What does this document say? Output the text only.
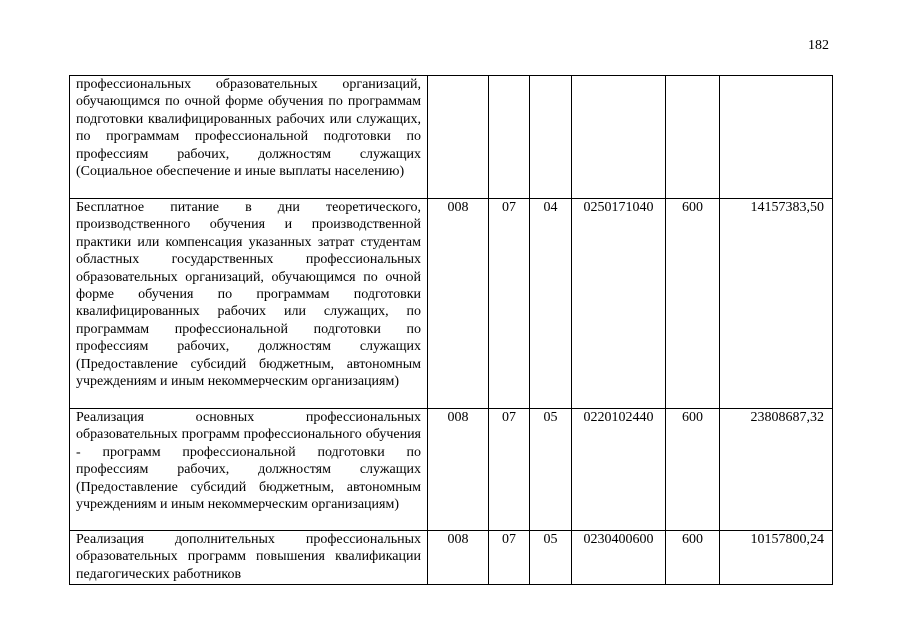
182
профессиональных образовательных организаций, обучающимся по очной форме обучения по программам подготовки квалифицированных рабочих или служащих, по программам профессиональной подготовки по профессиям рабочих, должностям служащих (Социальное обеспечение и иные выплаты населению)						
Бесплатное питание в дни теоретического, производственного обучения и производственной практики или компенсация указанных затрат студентам областных государственных профессиональных образовательных организаций, обучающимся по очной форме обучения по программам подготовки квалифицированных рабочих или служащих, по программам профессиональной подготовки по профессиям рабочих, должностям служащих (Предоставление субсидий бюджетным, автономным учреждениям и иным некоммерческим организациям)	008	07	04	0250171040	600	14157383,50
Реализация основных профессиональных образовательных программ профессионального обучения - программ профессиональной подготовки по профессиям рабочих, должностям служащих (Предоставление субсидий бюджетным, автономным учреждениям и иным некоммерческим организациям)	008	07	05	0220102440	600	23808687,32

Реализация дополнительных профессиональных образовательных программ повышения квалификации педагогических работников	008	07	05	0230400600	600	10157800,24
